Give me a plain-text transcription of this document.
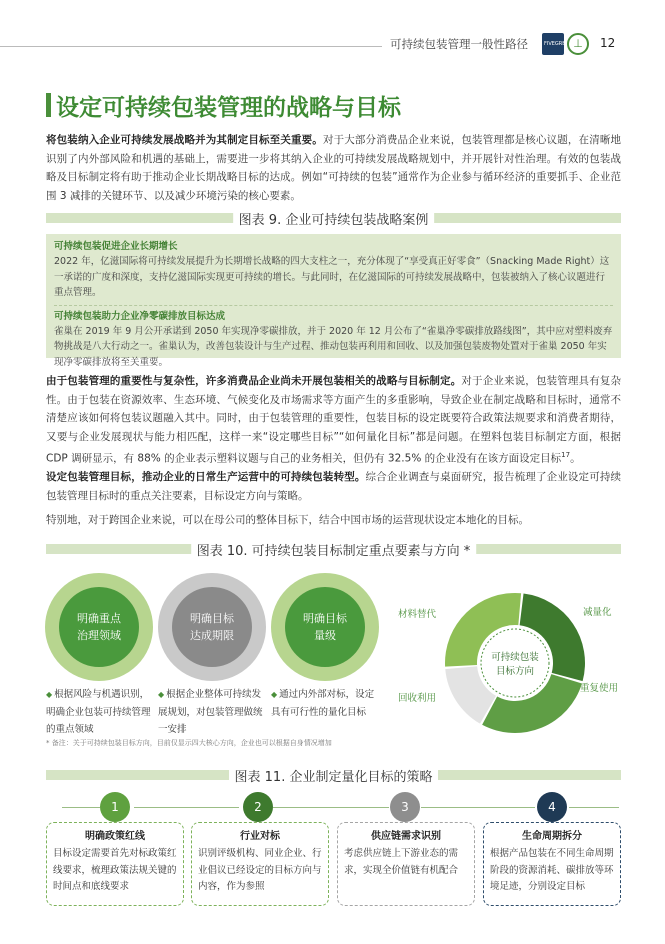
可持续包装管理一般性路径	FIVEGRB ⊥	12
设定可持续包装管理的战略与目标
将包装纳入企业可持续发展战略并为其制定目标至关重要。对于大部分消费品企业来说，包装管理都是核心议题，在清晰地识别了内外部风险和机遇的基础上，需要进一步将其纳入企业的可持续发展战略规划中，并开展针对性治理。有效的包装战略及目标制定将有助于推动企业长期战略目标的达成。例如“可持续的包装”通常作为企业参与循环经济的重要抓手、企业范围 3 减排的关键环节、以及减少环境污染的核心要素。
图表 9. 企业可持续包装战略案例
可持续包装促进企业长期增长
2022 年，亿滋国际将可持续发展提升为长期增长战略的四大支柱之一，充分体现了“享受真正好零食”（Snacking Made Right）这一承诺的广度和深度，支持亿滋国际实现更可持续的增长。与此同时，在亿滋国际的可持续发展战略中，包装被纳入了核心议题进行重点管理。
可持续包装助力企业净零碳排放目标达成
雀巢在 2019 年 9 月公开承诺到 2050 年实现净零碳排放，并于 2020 年 12 月公布了“雀巢净零碳排放路线图”，其中应对塑料废弃物挑战是八大行动之一。雀巢认为，改善包装设计与生产过程、推动包装再利用和回收、以及加强包装废物处置对于雀巢 2050 年实现净零碳排放将至关重要。
由于包装管理的重要性与复杂性，许多消费品企业尚未开展包装相关的战略与目标制定。对于企业来说，包装管理具有复杂性。由于包装在资源效率、生态环境、气候变化及市场需求等方面产生的多重影响，导致企业在制定战略和目标时，通常不清楚应该如何将包装议题融入其中。同时，由于包装管理的重要性，包装目标的设定既要符合政策法规要求和消费者期待，又要与企业发展现状与能力相匹配，这样一来“设定哪些目标”“如何量化目标”都是问题。在塑料包装目标制定方面，根据 CDP 调研显示，有 88% 的企业表示塑料议题与自己的业务相关，但仍有 32.5% 的企业没有在该方面设定目标$^{17}$。
设定包装管理目标，推动企业的日常生产运营中的可持续包装转型。综合企业调查与桌面研究，报告梳理了企业设定可持续包装管理目标时的重点关注要素，目标设定方向与策略。
特别地，对于跨国企业来说，可以在母公司的整体目标下，结合中国市场的运营现状设定本地化的目标。
图表 10. 可持续包装目标制定重点要素与方向 *
明确重点
治理领域
明确目标
达成期限
明确目标
量级
◆ 根据风险与机遇识别，明确企业包装可持续管理的重点领域
◆ 根据企业整体可持续发展规划，对包装管理做统一安排
◆ 通过内外部对标，设定具有可行性的量化目标
可持续包装
目标方向
材料替代	减量化
重复使用
回收利用
* 备注：关于可持续包装目标方向，目前仅显示四大核心方向，企业也可以根据自身情况增加
图表 11. 企业制定量化目标的策略
1	2	3	4
明确政策红线
目标设定需要首先对标政策红线要求，梳理政策法规关键的时间点和底线要求
行业对标
识别评级机构、同业企业、行业倡议已经设定的目标方向与内容，作为参照
供应链需求识别
考虑供应链上下游业态的需求，实现全价值链有机配合
生命周期拆分
根据产品包装在不同生命周期阶段的资源消耗、碳排放等环境足迹，分别设定目标
